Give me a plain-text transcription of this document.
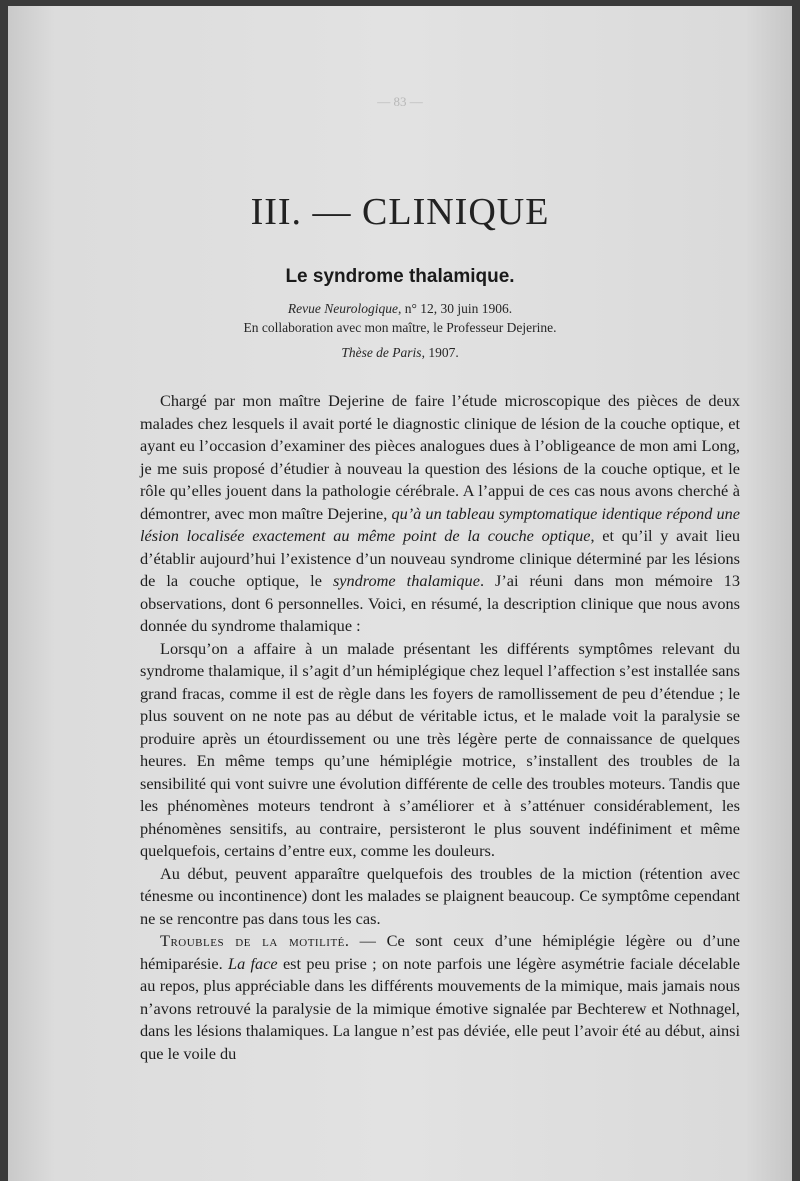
— 83 —
III. — CLINIQUE
Le syndrome thalamique.
Revue Neurologique, n° 12, 30 juin 1906.
En collaboration avec mon maître, le Professeur Dejerine.
Thèse de Paris, 1907.

Chargé par mon maître Dejerine de faire l’étude microscopique des pièces de deux malades chez lesquels il avait porté le diagnostic clinique de lésion de la couche optique, et ayant eu l’occasion d’examiner des pièces analogues dues à l’obligeance de mon ami Long, je me suis proposé d’étudier à nouveau la question des lésions de la couche optique, et le rôle qu’elles jouent dans la pathologie cérébrale. A l’appui de ces cas nous avons cherché à démontrer, avec mon maître Dejerine, qu’à un tableau symptomatique identique répond une lésion localisée exactement au même point de la couche optique, et qu’il y avait lieu d’établir aujourd’hui l’existence d’un nouveau syndrome clinique déterminé par les lésions de la couche optique, le syndrome thalamique. J’ai réuni dans mon mémoire 13 observations, dont 6 personnelles. Voici, en résumé, la description clinique que nous avons donnée du syndrome thalamique :

Lorsqu’on a affaire à un malade présentant les différents symptômes relevant du syndrome thalamique, il s’agit d’un hémiplégique chez lequel l’affection s’est installée sans grand fracas, comme il est de règle dans les foyers de ramollissement de peu d’étendue ; le plus souvent on ne note pas au début de véritable ictus, et le malade voit la paralysie se produire après un étourdissement ou une très légère perte de connaissance de quelques heures. En même temps qu’une hémiplégie motrice, s’installent des troubles de la sensibilité qui vont suivre une évolution différente de celle des troubles moteurs. Tandis que les phénomènes moteurs tendront à s’améliorer et à s’atténuer considérablement, les phénomènes sensitifs, au contraire, persisteront le plus souvent indéfiniment et même quelquefois, certains d’entre eux, comme les douleurs.

Au début, peuvent apparaître quelquefois des troubles de la miction (rétention avec ténesme ou incontinence) dont les malades se plaignent beaucoup. Ce symptôme cependant ne se rencontre pas dans tous les cas.

Troubles de la motilité. — Ce sont ceux d’une hémiplégie légère ou d’une hémiparésie. La face est peu prise ; on note parfois une légère asymétrie faciale décelable au repos, plus appréciable dans les différents mouvements de la mimique, mais jamais nous n’avons retrouvé la paralysie de la mimique émotive signalée par Bechterew et Nothnagel, dans les lésions thalamiques. La langue n’est pas déviée, elle peut l’avoir été au début, ainsi que le voile du
